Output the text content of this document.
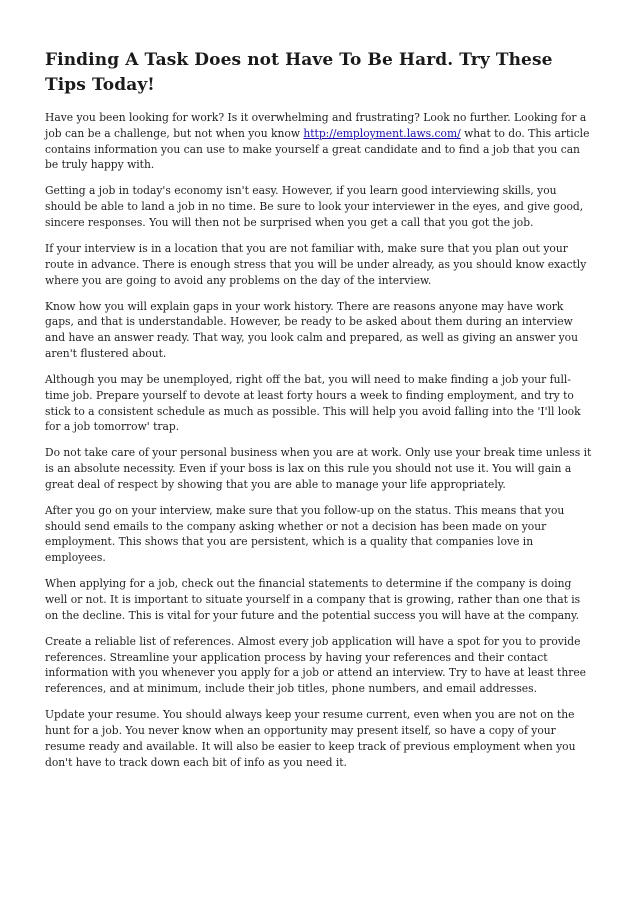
Finding A Task Does not Have To Be Hard. Try These Tips Today!

Have you been looking for work? Is it overwhelming and frustrating? Look no further. Looking for a job can be a challenge, but not when you know http://employment.laws.com/ what to do. This article contains information you can use to make yourself a great candidate and to find a job that you can be truly happy with.

Getting a job in today's economy isn't easy. However, if you learn good interviewing skills, you should be able to land a job in no time. Be sure to look your interviewer in the eyes, and give good, sincere responses. You will then not be surprised when you get a call that you got the job.

If your interview is in a location that you are not familiar with, make sure that you plan out your route in advance. There is enough stress that you will be under already, as you should know exactly where you are going to avoid any problems on the day of the interview.

Know how you will explain gaps in your work history. There are reasons anyone may have work gaps, and that is understandable. However, be ready to be asked about them during an interview and have an answer ready. That way, you look calm and prepared, as well as giving an answer you aren't flustered about.

Although you may be unemployed, right off the bat, you will need to make finding a job your full-time job. Prepare yourself to devote at least forty hours a week to finding employment, and try to stick to a consistent schedule as much as possible. This will help you avoid falling into the 'I'll look for a job tomorrow' trap.

Do not take care of your personal business when you are at work. Only use your break time unless it is an absolute necessity. Even if your boss is lax on this rule you should not use it. You will gain a great deal of respect by showing that you are able to manage your life appropriately.

After you go on your interview, make sure that you follow-up on the status. This means that you should send emails to the company asking whether or not a decision has been made on your employment. This shows that you are persistent, which is a quality that companies love in employees.

When applying for a job, check out the financial statements to determine if the company is doing well or not. It is important to situate yourself in a company that is growing, rather than one that is on the decline. This is vital for your future and the potential success you will have at the company.

Create a reliable list of references. Almost every job application will have a spot for you to provide references. Streamline your application process by having your references and their contact information with you whenever you apply for a job or attend an interview. Try to have at least three references, and at minimum, include their job titles, phone numbers, and email addresses.

Update your resume. You should always keep your resume current, even when you are not on the hunt for a job. You never know when an opportunity may present itself, so have a copy of your resume ready and available. It will also be easier to keep track of previous employment when you don't have to track down each bit of info as you need it.
